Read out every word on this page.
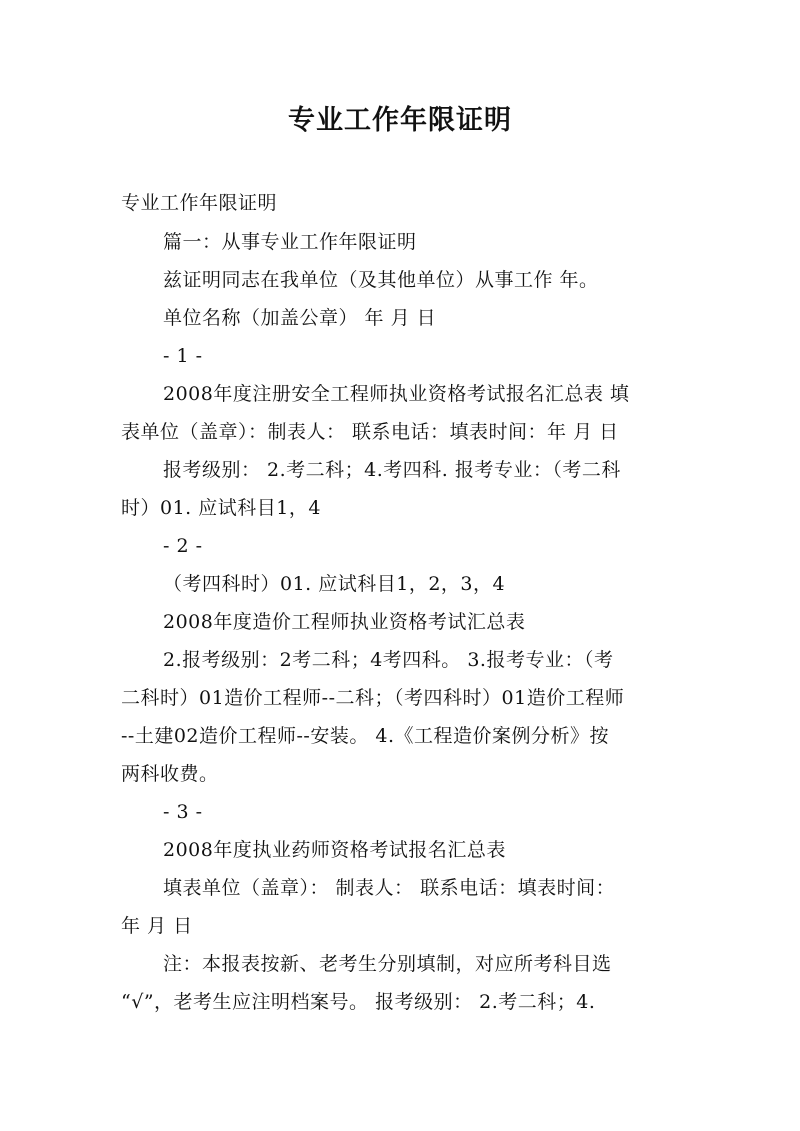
专业工作年限证明
专业工作年限证明
篇一：从事专业工作年限证明
兹证明同志在我单位（及其他单位）从事工作 年。
单位名称（加盖公章） 年 月 日
- 1 -
2008年度注册安全工程师执业资格考试报名汇总表 填
表单位（盖章）：制表人： 联系电话：填表时间：年 月 日
报考级别： 2.考二科；4.考四科. 报考专业：（考二科
时）01. 应试科目1，4
- 2 -
（考四科时）01. 应试科目1，2，3，4
2008年度造价工程师执业资格考试汇总表
2.报考级别：2考二科；4考四科。 3.报考专业：（考
二科时）01造价工程师--二科；（考四科时）01造价工程师
--土建02造价工程师--安装。 4.《工程造价案例分析》按
两科收费。
- 3 -
2008年度执业药师资格考试报名汇总表
填表单位（盖章）： 制表人： 联系电话：填表时间：
年 月 日
注：本报表按新、老考生分别填制，对应所考科目选
“√”，老考生应注明档案号。 报考级别： 2.考二科；4.
